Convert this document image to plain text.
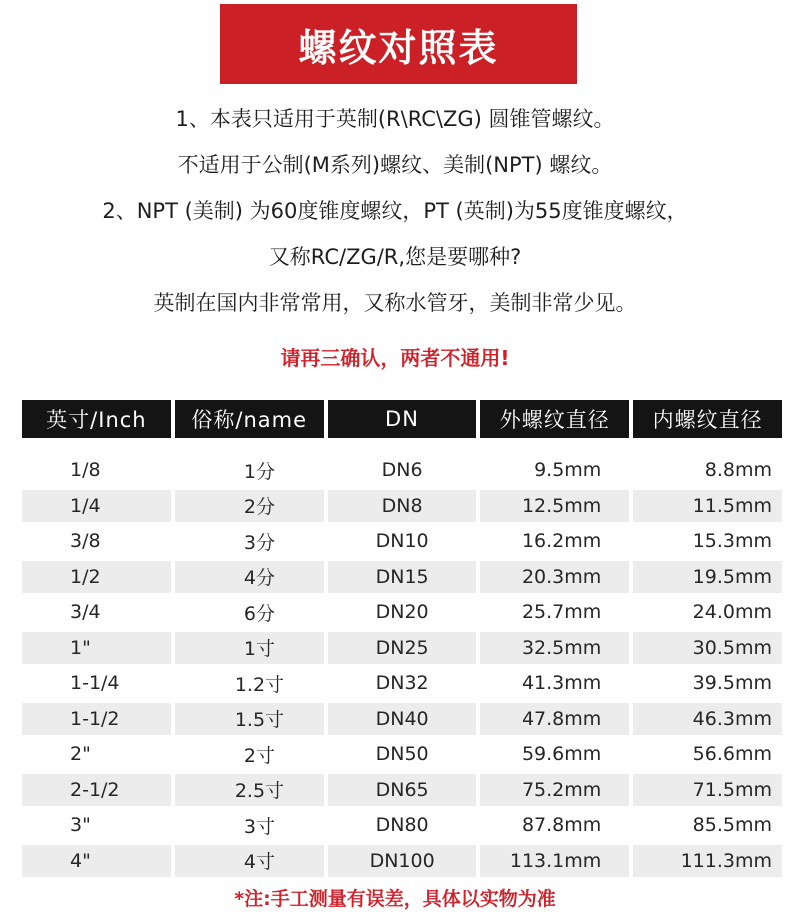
螺纹对照表
1、本表只适用于英制(R\RC\ZG) 圆锥管螺纹。
不适用于公制(M系列)螺纹、美制(NPT) 螺纹。
2、NPT (美制) 为60度锥度螺纹，PT (英制)为55度锥度螺纹，
又称RC/ZG/R,您是要哪种?
英制在国内非常常用，又称水管牙，美制非常少见。
请再三确认，两者不通用!
英寸/Inch	俗称/name	DN	外螺纹直径	内螺纹直径
1/8	1分	DN6	9.5mm	8.8mm
1/4	2分	DN8	12.5mm	11.5mm
3/8	3分	DN10	16.2mm	15.3mm
1/2	4分	DN15	20.3mm	19.5mm
3/4	6分	DN20	25.7mm	24.0mm
1"	1寸	DN25	32.5mm	30.5mm
1-1/4	1.2寸	DN32	41.3mm	39.5mm
1-1/2	1.5寸	DN40	47.8mm	46.3mm
2"	2寸	DN50	59.6mm	56.6mm
2-1/2	2.5寸	DN65	75.2mm	71.5mm
3"	3寸	DN80	87.8mm	85.5mm
4"	4寸	DN100	113.1mm	111.3mm
*注:手工测量有误差，具体以实物为准
